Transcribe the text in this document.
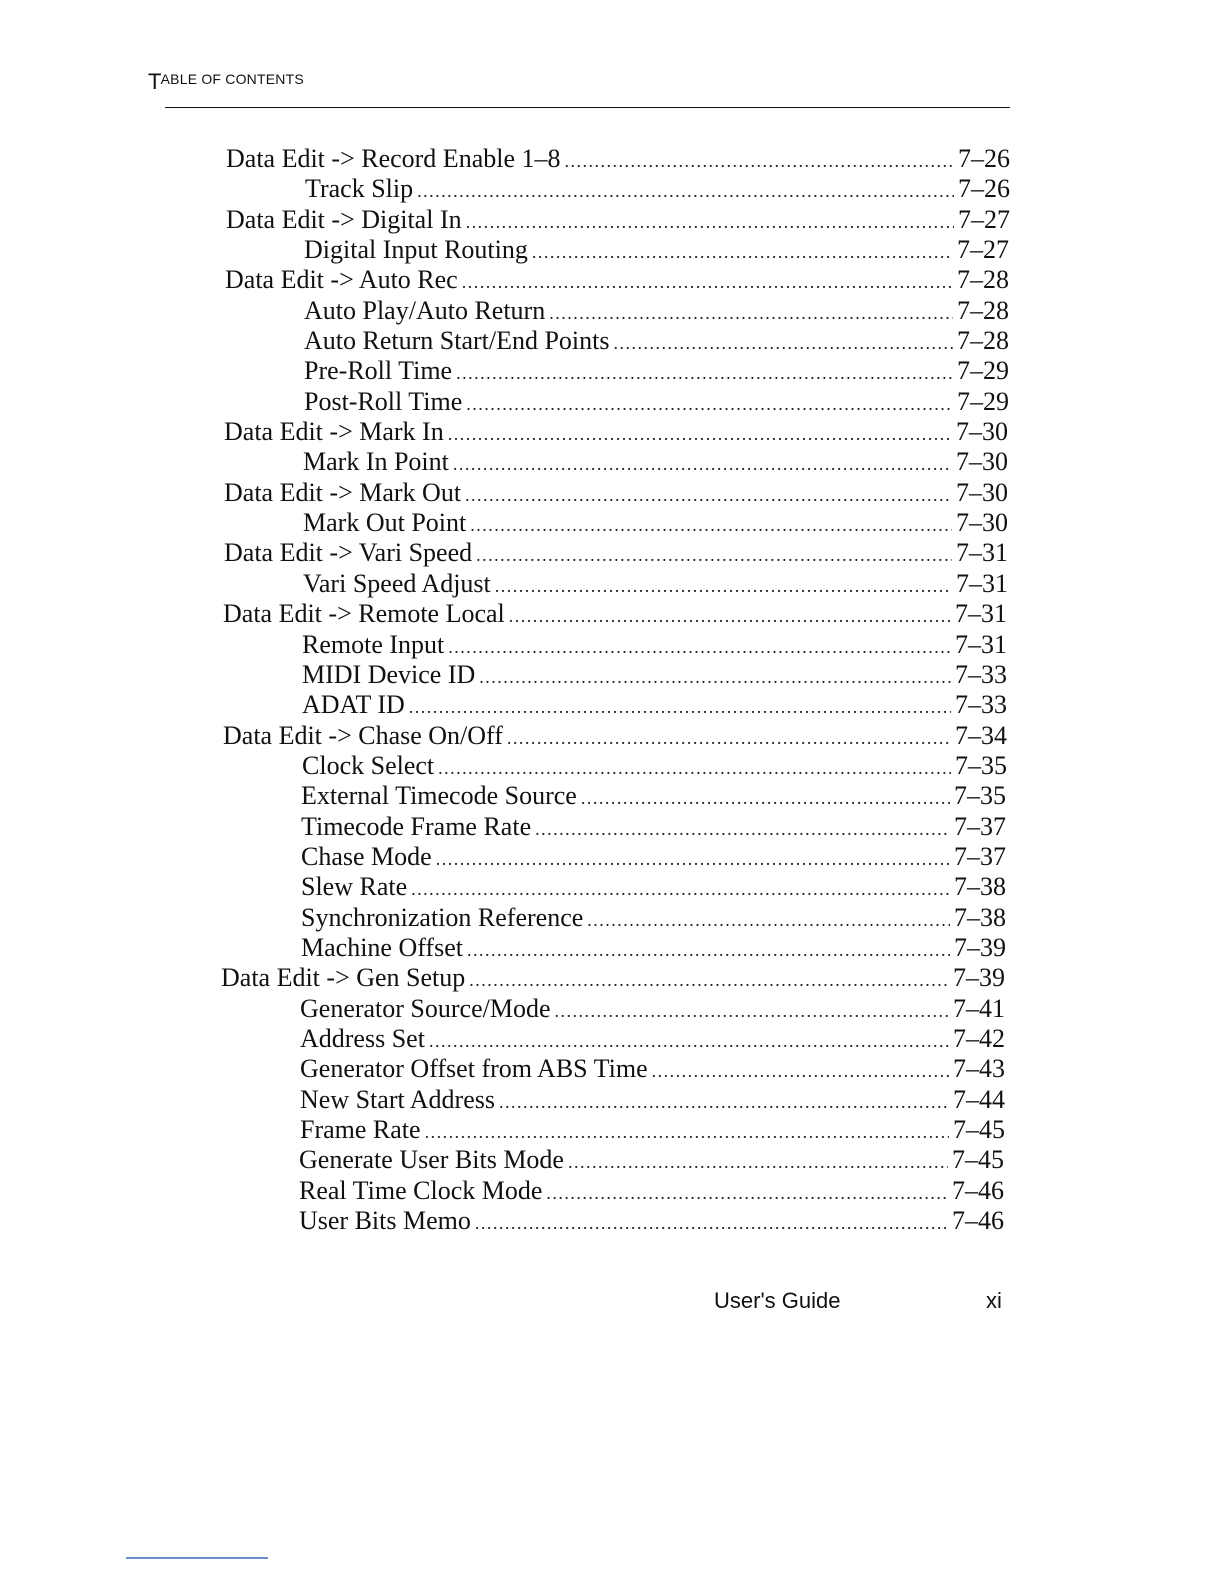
TABLE OF CONTENTS
Data Edit -> Record Enable 1–8 .....	7–26
Track Slip .....	7–26
Data Edit -> Digital In .....	7–27
Digital Input Routing .....	7–27
Data Edit -> Auto Rec .....	7–28
Auto Play/Auto Return .....	7–28
Auto Return Start/End Points .....	7–28
Pre-Roll Time .....	7–29
Post-Roll Time .....	7–29
Data Edit -> Mark In .....	7–30
Mark In Point .....	7–30
Data Edit -> Mark Out .....	7–30
Mark Out Point .....	7–30
Data Edit -> Vari Speed .....	7–31
Vari Speed Adjust .....	7–31
Data Edit -> Remote Local .....	7–31
Remote Input .....	7–31
MIDI Device ID .....	7–33
ADAT ID .....	7–33
Data Edit -> Chase On/Off .....	7–34
Clock Select .....	7–35
External Timecode Source .....	7–35
Timecode Frame Rate .....	7–37
Chase Mode .....	7–37
Slew Rate .....	7–38
Synchronization Reference .....	7–38
Machine Offset .....	7–39
Data Edit -> Gen Setup .....	7–39
Generator Source/Mode .....	7–41
Address Set .....	7–42
Generator Offset from ABS Time .....	7–43
New Start Address .....	7–44
Frame Rate .....	7–45
Generate User Bits Mode .....	7–45
Real Time Clock Mode .....	7–46
User Bits Memo .....	7–46
User's Guide	xi
